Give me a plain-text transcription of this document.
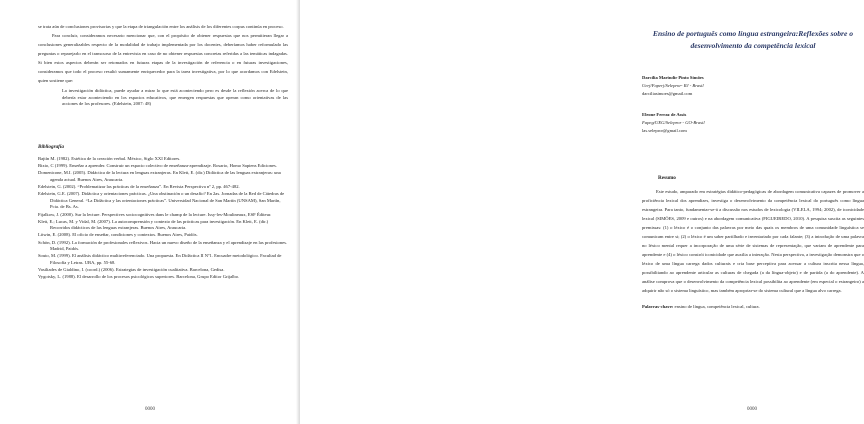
se trata aún de conclusiones provisorias y que la etapa de triangulación entre los análisis de los diferentes corpus continúa en proceso.

Para concluir, consideramos necesario mencionar que, con el propósito de obtener respuestas que nos permitieran llegar a conclusiones generalizables respecto de la modalidad de trabajo implementada por los docentes, deberíamos haber reformulado las preguntas o reparejarlo en el transcurso de la entrevista en caso de no obtener respuestas concretas referidas a las temáticas indagadas. Si bien estos aspectos deberán ser retomados en futuras etapas de la investigación de referencia o en futuras investigaciones, consideramos que todo el proceso resultó sumamente enriquecedor para la tarea investigativa, por lo que acordamos con Edelstein, quien sostiene que:

La investigación didáctica, puede ayudar a mirar lo que está aconteciendo pero es desde la reflexión acerca de lo que debería estar aconteciendo en los espacios educativos, que emergen respuestas que operan como orientativas de las acciones de los profesores. (Edelstein, 2007: 48)

Bibliografía

Bajtín M. (1982). Estética de la creación verbal. México, Siglo XXI Editores.

Bixio, C (1999). Enseñar a aprender. Construir un espacio colectivo de enseñanza-aprendizaje. Rosario, Homo Sapiens Ediciones.

Domenicone, M.I. (2005). Didáctica de la lectura en lenguas extranjeras. En Klett, E. (dir.) Didáctica de las lenguas extranjeras: una agenda actual. Buenos Aires, Araucaria.

Edelstein, G. (2002). “Problematizar las prácticas de la enseñanza”. En Revista Perspectiva nº 2, pp. 467-482.

Edelstein, G.E. (2007). Didáctica y orientaciones prácticas. ¿Una obstinación o un desafío? En 2as. Jornadas de la Red de Cátedras de Didáctica General. “La Didáctica y las orientaciones prácticas”. Universidad Nacional de San Martín (UNSAM), San Martín, Pcia. de Bs. As.

Fijalkow, J. (2000). Sur la lecture. Perspectives sociocognitives dans le champ de la lecture. Issy-les-Moulineaux, ESF Éditeur.

Klett, E.; Lucas, M. y Vidal, M. (2007). La autocomprensión y contexto de las prácticas para investigación. En Klett, E. (dir.) Recorridos didácticos de las lenguas extranjeras. Buenos Aires, Araucaria.

Litwin, E. (2008). El oficio de enseñar, condiciones y contextos. Buenos Aires, Paidós.

Schön, D. (1992). La formación de profesionales reflexivos. Hacia un nuevo diseño de la enseñanza y el aprendizaje en las profesiones. Madrid, Paidós.

Souto, M. (1999). El análisis didáctico multirreferenciado. Una propuesta. En Didáctica II Nº1. Encuadre metodológico. Facultad de Filosofía y Letras. UBA, pp. 55-68.

Vasiliades de Gialdino, I. (coord.) (2006). Estrategias de investigación cualitativa. Barcelona, Gedisa.

Vygotsky, L. (1988). El desarrollo de los procesos psicológicos superiores. Barcelona, Grupo Editor Grijalbo.

0000

Ensino de português como língua estrangeira:Reflexões sobre o desenvolvimento da competência lexical

Darcilia Marindir Pinto Simões

Uerj/Faperj/Selepror- RJ - Brasil

darciliasimoes@gmail.com

Eleone Ferraz de Assis

Fapeg/UEG/Selepror - GO-Brasil

las.selepror@gmail.com

Resumo

Este estudo, amparado em estratégias didático-pedagógicas de abordagem comunicativa capazes de promover a proficiência lexical dos aprendizes, investiga o desenvolvimento da competência lexical do português como língua estrangeira. Para tanto, fundamentar-se-á a discussão nos estudos de lexicologia (VILELA, 1994; 2002), de iconicidade lexical (SIMÕES, 2009 e outros) e na abordagem comunicativa (FIGUEIREDO, 2010). A pesquisa suscita as seguintes premissas: (1) o léxico é o conjunto das palavras por meio das quais os membros de uma comunidade linguística se comunicam entre si; (2) o léxico é um saber partilhado e inventariado por cada falante; (3) a introdução de uma palavra no léxico mental requer a incorporação de uma série de sistemas de representação, que variam de aprendente para aprendente e (4) o léxico constrói iconicidade que auxilia a interação. Nesta perspectiva, a investigação demonstra que o léxico de uma língua carrega dados culturais e cria base perceptiva para acessar a cultura inscrita nessa língua, possibilitando ao aprendente articular as culturas de chegada (a da língua-objeto) e de partida (a do aprendente). A análise comprova que o desenvolvimento da competência lexical possibilita ao aprendente (em especial o estrangeiro) a adquirir não só o sistema linguístico, mas também apropriar-se do sistema cultural que a língua alvo carrega.

Palavras-chave: ensino de língua, competência lexical, cultura.

0000
